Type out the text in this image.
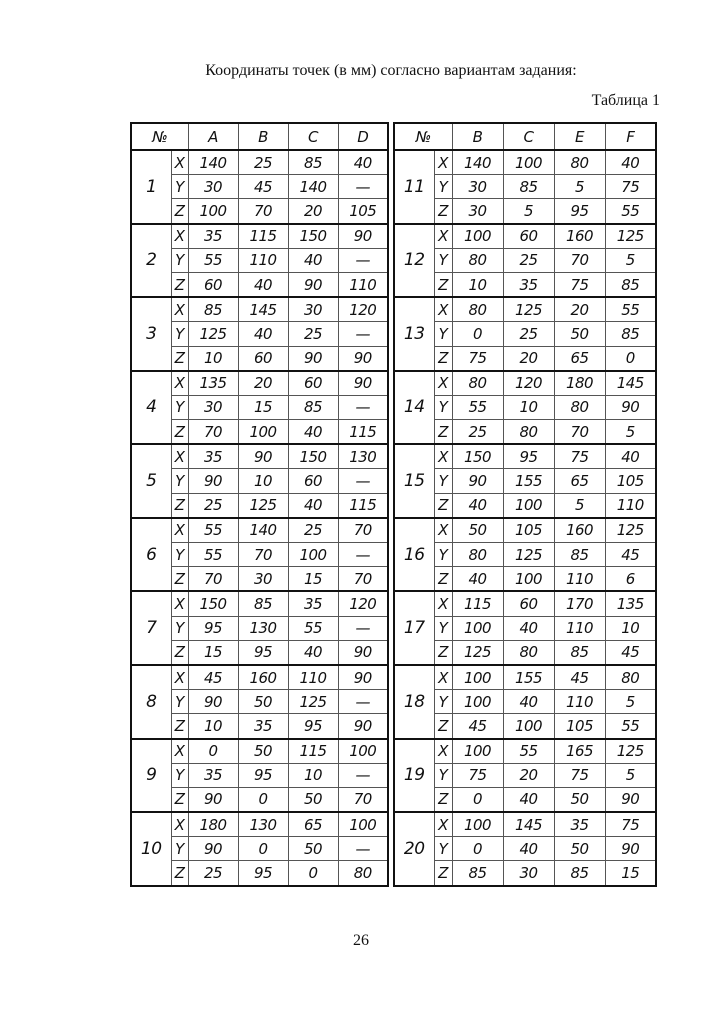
Координаты точек (в мм) согласно вариантам задания:
Таблица 1
№		A	B	C	D
1	X	140	25	85	40
	Y	30	45	140	—
	Z	100	70	20	105
2	X	35	115	150	90
	Y	55	110	40	—
	Z	60	40	90	110
3	X	85	145	30	120
	Y	125	40	25	—
	Z	10	60	90	90
4	X	135	20	60	90
	Y	30	15	85	—
	Z	70	100	40	115
5	X	35	90	150	130
	Y	90	10	60	—
	Z	25	125	40	115
6	X	55	140	25	70
	Y	55	70	100	—
	Z	70	30	15	70
7	X	150	85	35	120
	Y	95	130	55	—
	Z	15	95	40	90
8	X	45	160	110	90
	Y	90	50	125	—
	Z	10	35	95	90
9	X	0	50	115	100
	Y	35	95	10	—
	Z	90	0	50	70
10	X	180	130	65	100
	Y	90	0	50	—
	Z	25	95	0	80
№		B	C	E	F
11	X	140	100	80	40
	Y	30	85	5	75
	Z	30	5	95	55
12	X	100	60	160	125
	Y	80	25	70	5
	Z	10	35	75	85
13	X	80	125	20	55
	Y	0	25	50	85
	Z	75	20	65	0
14	X	80	120	180	145
	Y	55	10	80	90
	Z	25	80	70	5
15	X	150	95	75	40
	Y	90	155	65	105
	Z	40	100	5	110
16	X	50	105	160	125
	Y	80	125	85	45
	Z	40	100	110	6
17	X	115	60	170	135
	Y	100	40	110	10
	Z	125	80	85	45
18	X	100	155	45	80
	Y	100	40	110	5
	Z	45	100	105	55
19	X	100	55	165	125
	Y	75	20	75	5
	Z	0	40	50	90
20	X	100	145	35	75
	Y	0	40	50	90
	Z	85	30	85	15
26
